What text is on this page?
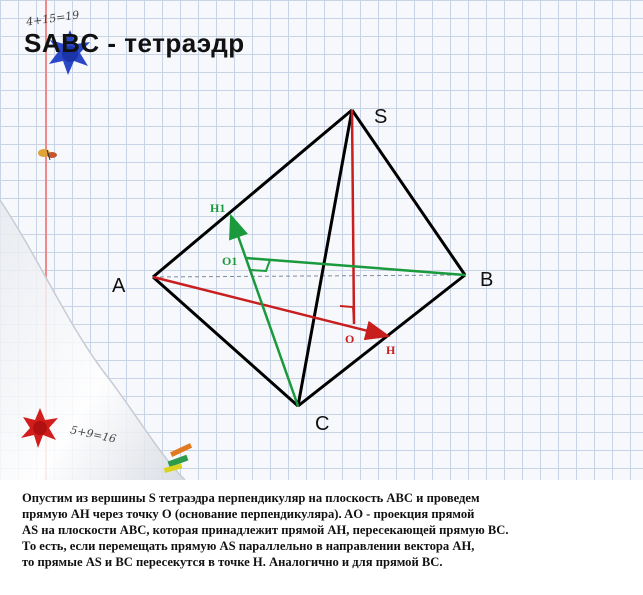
4+15=19
5+9=16
SABC - тетраэдр
S
A	B
C
H1
O1
O
H
Опустим из вершины S тетраэдра перпендикуляр на плоскость ABC и проведем
прямую AH через точку O (основание перпендикуляра). AO - проекция прямой
AS на плоскости ABC, которая принадлежит прямой AH, пересекающей прямую BC.
То есть, если перемещать прямую AS параллельно в направлении вектора AH,
то прямые AS и BC пересекутся в точке H. Аналогично и для прямой BC.
